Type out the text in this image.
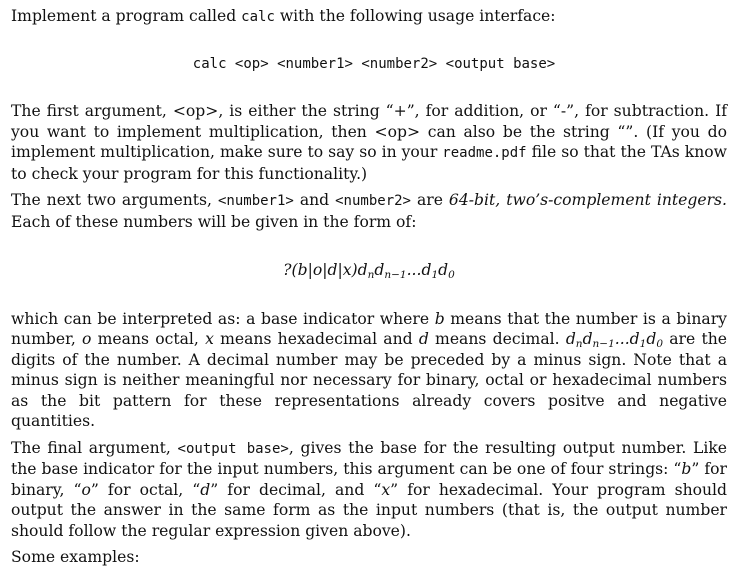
Implement a program called calc with the following usage interface:

calc <op> <number1> <number2> <output base>

The first argument, <op>, is either the string “+”, for addition, or “-”, for subtraction. If you want to implement multiplication, then <op> can also be the string “”. (If you do implement multiplication, make sure to say so in your readme.pdf file so that the TAs know to check your program for this functionality.)

The next two arguments, <number1> and <number2> are 64-bit, two’s-complement integers. Each of these numbers will be given in the form of:

$?(b|o|d|x)d_nd_{n-1}...d_1d_0$

which can be interpreted as: a base indicator where b means that the number is a binary number, o means octal, x means hexadecimal and d means decimal. $d_nd_{n-1}...d_1d_0$ are the digits of the number. A decimal number may be preceded by a minus sign. Note that a minus sign is neither meaningful nor necessary for binary, octal or hexadecimal numbers as the bit pattern for these representations already covers positve and negative quantities.

The final argument, <output base>, gives the base for the resulting output number. Like the base indicator for the input numbers, this argument can be one of four strings: “b” for binary, “o” for octal, “d” for decimal, and “x” for hexadecimal. Your program should output the answer in the same form as the input numbers (that is, the output number should follow the regular expression given above).

Some examples:
